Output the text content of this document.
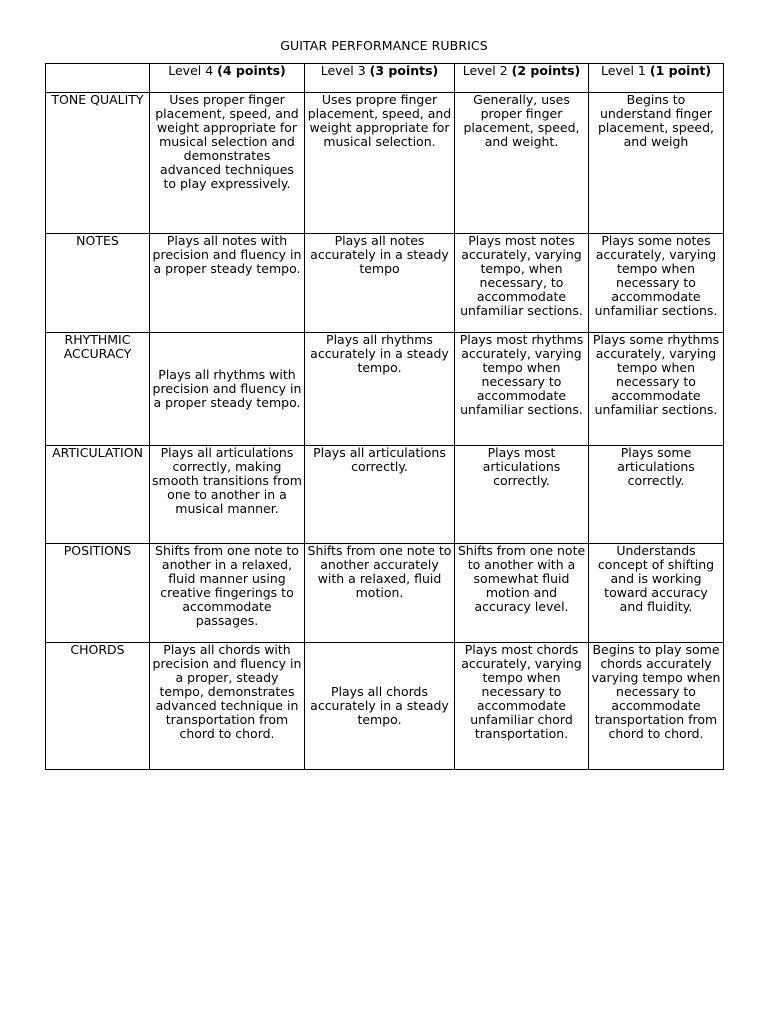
GUITAR PERFORMANCE RUBRICS
	Level 4 (4 points)	Level 3 (3 points)	Level 2 (2 points)	Level 1 (1 point)
TONE QUALITY	Uses proper finger placement, speed, and weight appropriate for musical selection and demonstrates advanced techniques to play expressively.	Uses propre finger placement, speed, and weight appropriate for musical selection.	Generally, uses proper finger placement, speed, and weight.	Begins to understand finger placement, speed, and weigh
NOTES	Plays all notes with precision and fluency in a proper steady tempo.	Plays all notes accurately in a steady tempo	Plays most notes accurately, varying tempo, when necessary, to accommodate unfamiliar sections.	Plays some notes accurately, varying tempo when necessary to accommodate unfamiliar sections.
RHYTHMIC ACCURACY	Plays all rhythms with precision and fluency in a proper steady tempo.	Plays all rhythms accurately in a steady tempo.	Plays most rhythms accurately, varying tempo when necessary to accommodate unfamiliar sections.	Plays some rhythms accurately, varying tempo when necessary to accommodate unfamiliar sections.
ARTICULATION	Plays all articulations correctly, making smooth transitions from one to another in a musical manner.	Plays all articulations correctly.	Plays most articulations correctly.	Plays some articulations correctly.
POSITIONS	Shifts from one note to another in a relaxed, fluid manner using creative fingerings to accommodate passages.	Shifts from one note to another accurately with a relaxed, fluid motion.	Shifts from one note to another with a somewhat fluid motion and accuracy level.	Understands concept of shifting and is working toward accuracy and fluidity.
CHORDS	Plays all chords with precision and fluency in a proper, steady tempo, demonstrates advanced technique in transportation from chord to chord.	Plays all chords accurately in a steady tempo.	Plays most chords accurately, varying tempo when necessary to accommodate unfamiliar chord transportation.	Begins to play some chords accurately varying tempo when necessary to accommodate transportation from chord to chord.
